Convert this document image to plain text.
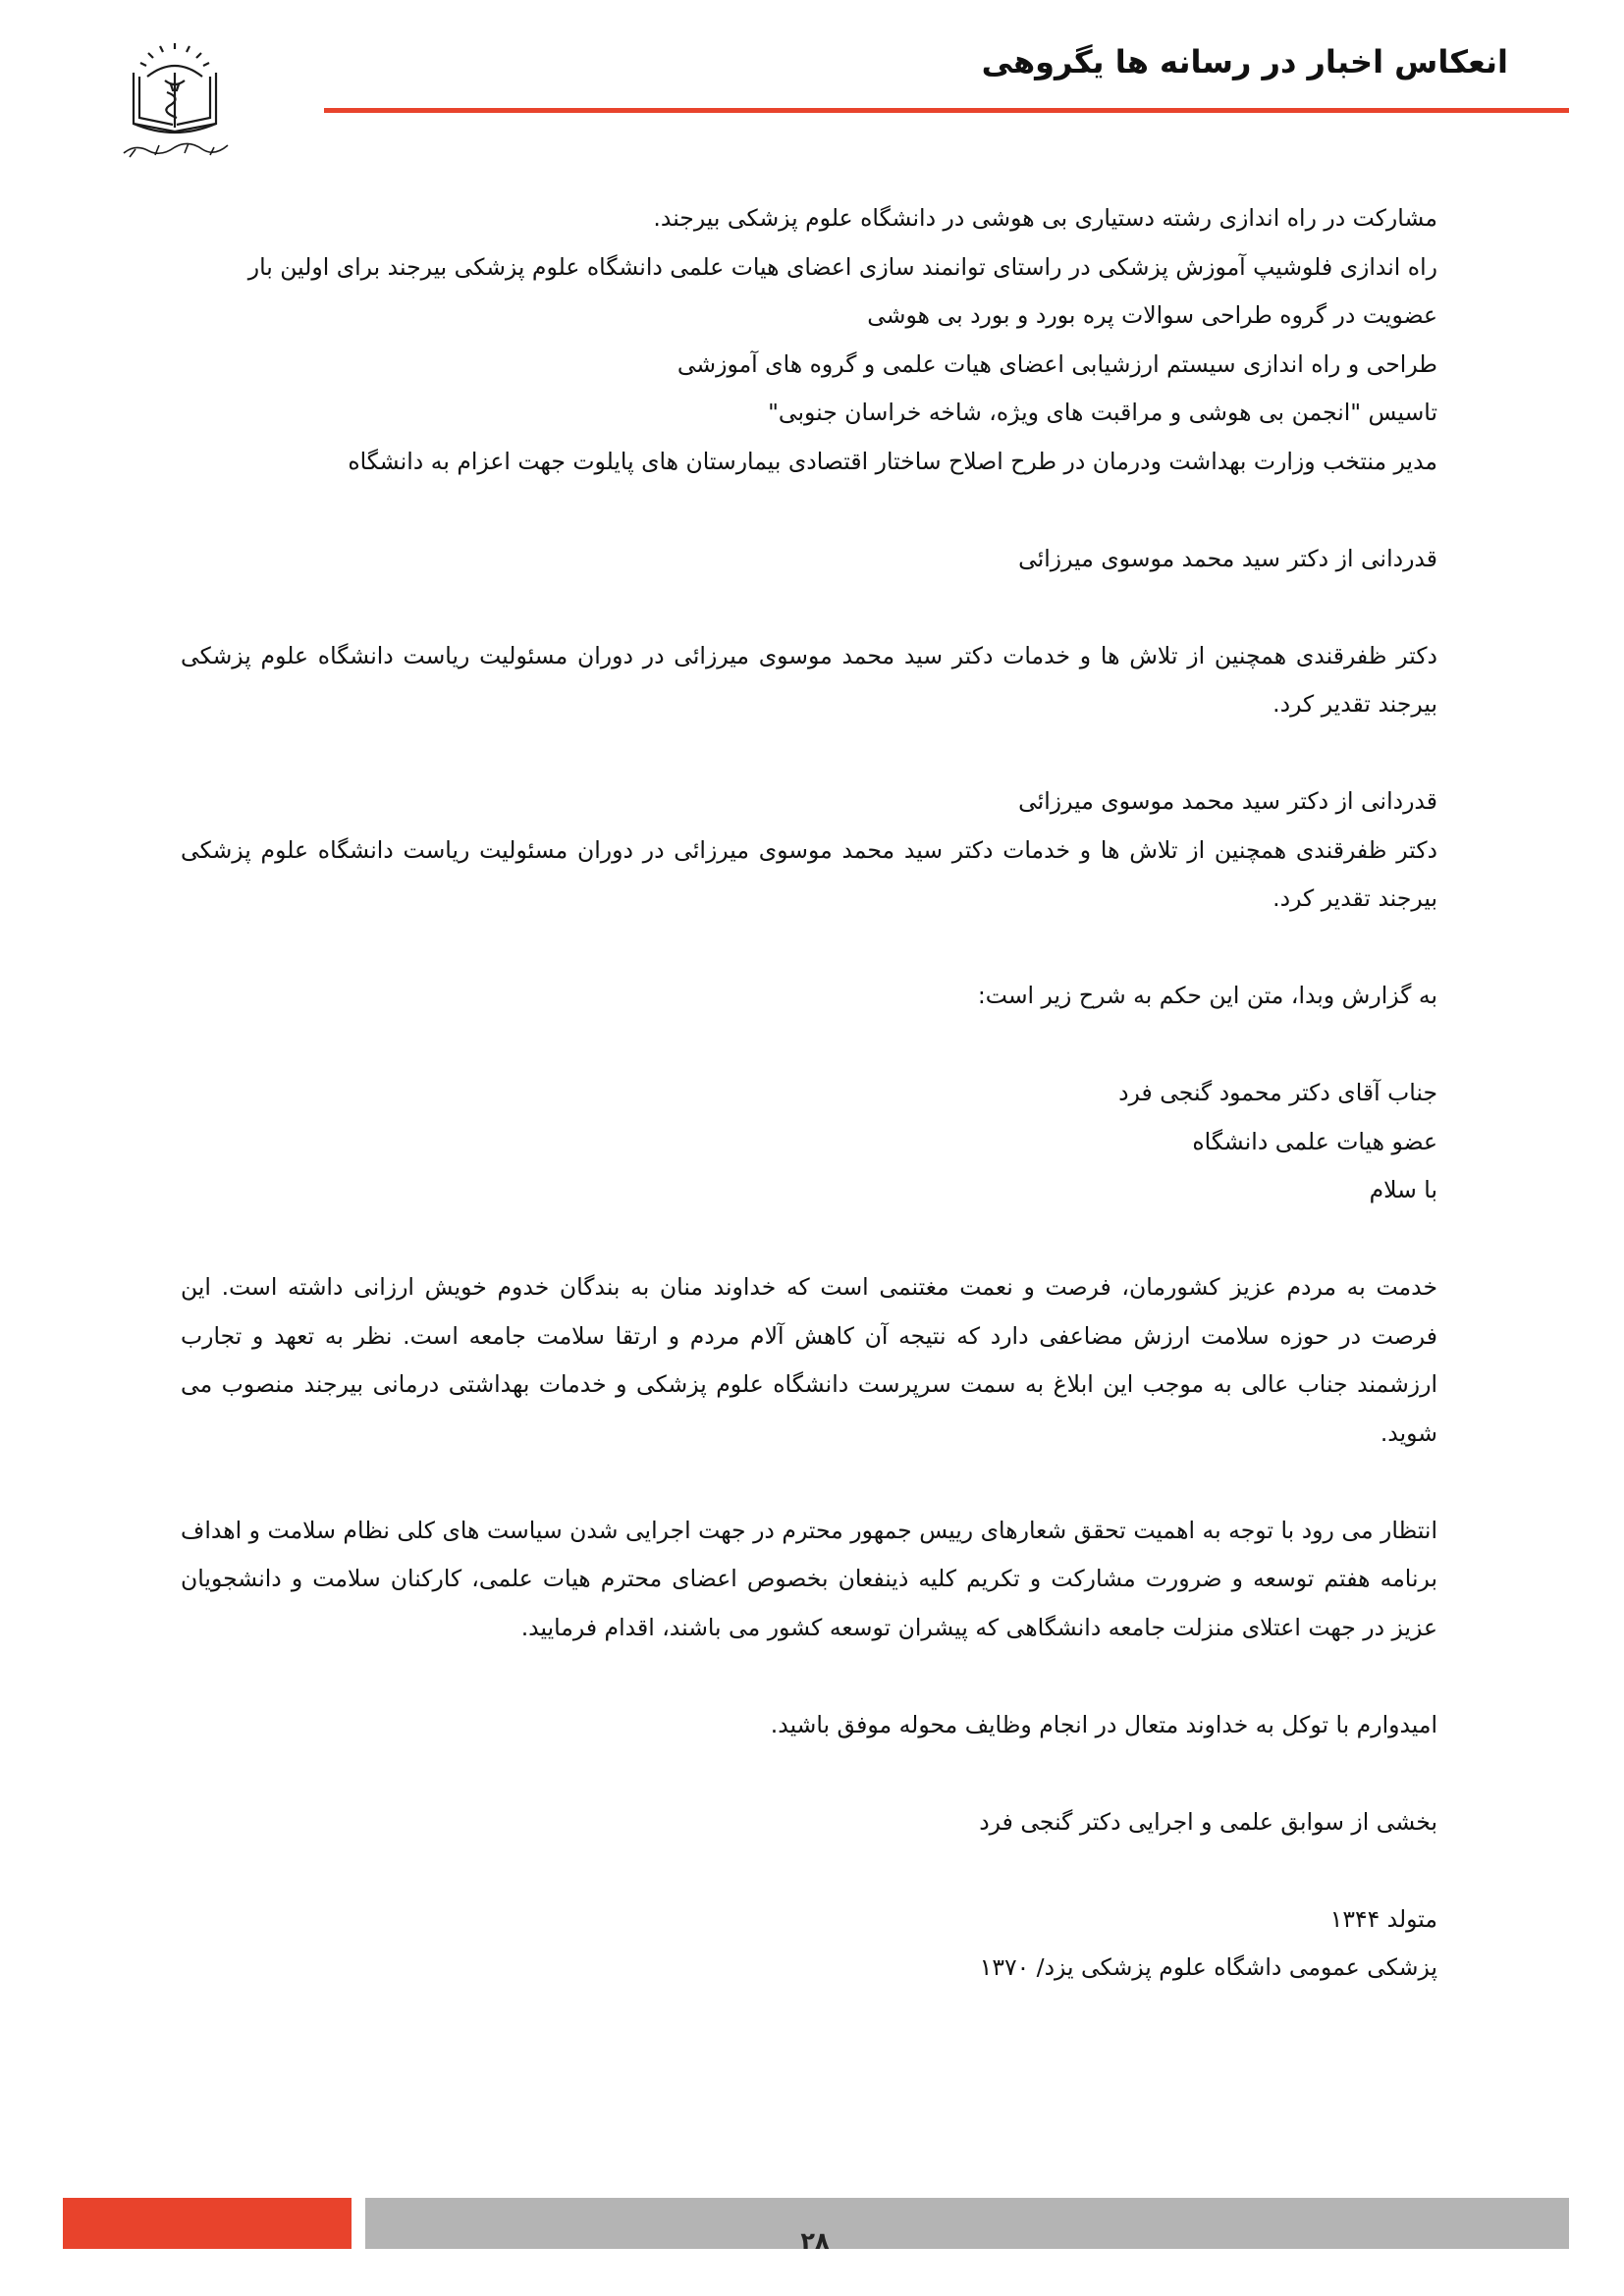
انعکاس اخبار در رسانه ها یگروهی

مشارکت در راه اندازی رشته دستیاری بی هوشی در دانشگاه علوم پزشکی بیرجند.

راه اندازی فلوشیپ آموزش پزشکی در راستای توانمند سازی اعضای هیات علمی دانشگاه علوم پزشکی بیرجند برای اولین بار

عضویت در گروه طراحی سوالات پره بورد و بورد بی هوشی

طراحی و راه اندازی سیستم ارزشیابی اعضای هیات علمی و گروه های آموزشی

تاسیس "انجمن بی هوشی و مراقبت های ویژه، شاخه خراسان جنوبی"

مدیر منتخب وزارت بهداشت ودرمان در طرح اصلاح ساختار اقتصادی بیمارستان های پایلوت جهت اعزام به دانشگاه

قدردانی از دکتر سید محمد موسوی میرزائی

دکتر ظفرقندی همچنین از تلاش ها و خدمات دکتر سید محمد موسوی میرزائی در دوران مسئولیت ریاست دانشگاه علوم پزشکی بیرجند تقدیر کرد.

قدردانی از دکتر سید محمد موسوی میرزائی

دکتر ظفرقندی همچنین از تلاش ها و خدمات دکتر سید محمد موسوی میرزائی در دوران مسئولیت ریاست دانشگاه علوم پزشکی بیرجند تقدیر کرد.

به گزارش وبدا، متن این حکم به شرح زیر است:

جناب آقای دکتر محمود گنجی فرد

عضو هیات علمی دانشگاه

با سلام

خدمت به مردم عزیز کشورمان، فرصت و نعمت مغتنمی است که خداوند منان به بندگان خدوم خویش ارزانی داشته است. این فرصت در حوزه سلامت ارزش مضاعفی دارد که نتیجه آن کاهش آلام مردم و ارتقا سلامت جامعه است. نظر به تعهد و تجارب ارزشمند جناب عالی به موجب این ابلاغ به سمت سرپرست دانشگاه علوم پزشکی و خدمات بهداشتی درمانی بیرجند منصوب می شوید.

انتظار می رود با توجه به اهمیت تحقق شعارهای رییس جمهور محترم در جهت اجرایی شدن سیاست های کلی نظام سلامت و اهداف برنامه هفتم توسعه و ضرورت مشارکت و تکریم کلیه ذینفعان بخصوص اعضای محترم هیات علمی، کارکنان سلامت و دانشجویان عزیز در جهت اعتلای منزلت جامعه دانشگاهی که پیشران توسعه کشور می باشند، اقدام فرمایید.

امیدوارم با توکل به خداوند متعال در انجام وظایف محوله موفق باشید.

بخشی از سوابق علمی و اجرایی دکتر گنجی فرد

متولد ۱۳۴۴

پزشکی عمومی داشگاه علوم پزشکی یزد/ ۱۳۷۰

۲۸
